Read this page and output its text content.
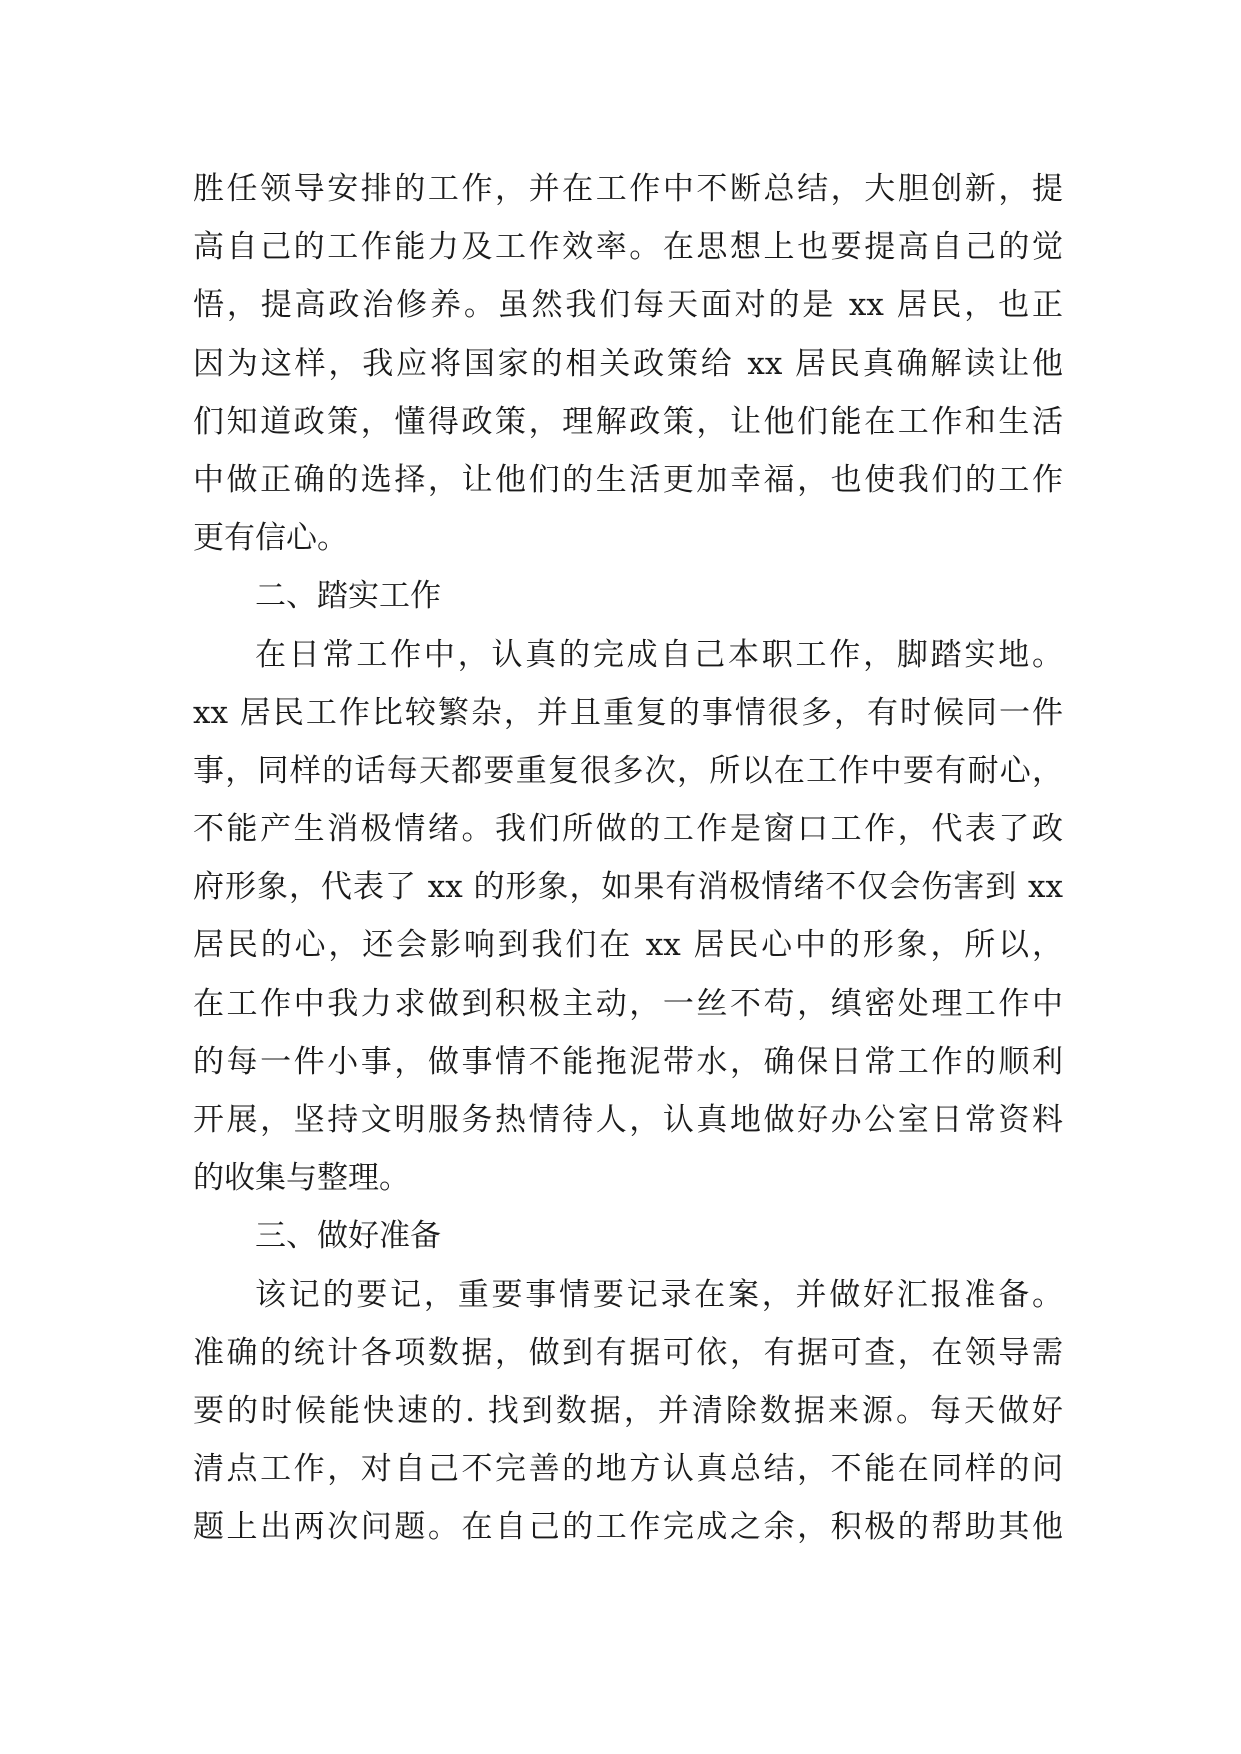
胜任领导安排的工作，并在工作中不断总结，大胆创新，提
高自己的工作能力及工作效率。在思想上也要提高自己的觉
悟，提高政治修养。虽然我们每天面对的是 xx 居民，也正
因为这样，我应将国家的相关政策给 xx 居民真确解读让他
们知道政策，懂得政策，理解政策，让他们能在工作和生活
中做正确的选择，让他们的生活更加幸福，也使我们的工作
更有信心。
二、踏实工作
在日常工作中，认真的完成自己本职工作，脚踏实地。
xx 居民工作比较繁杂，并且重复的事情很多，有时候同一件
事，同样的话每天都要重复很多次，所以在工作中要有耐心，
不能产生消极情绪。我们所做的工作是窗口工作，代表了政
府形象，代表了 xx 的形象，如果有消极情绪不仅会伤害到 xx
居民的心，还会影响到我们在 xx 居民心中的形象，所以，
在工作中我力求做到积极主动，一丝不苟，缜密处理工作中
的每一件小事，做事情不能拖泥带水，确保日常工作的顺利
开展，坚持文明服务热情待人，认真地做好办公室日常资料
的收集与整理。
三、做好准备
该记的要记，重要事情要记录在案，并做好汇报准备。
准确的统计各项数据，做到有据可依，有据可查，在领导需
要的时候能快速的. 找到数据，并清除数据来源。每天做好
清点工作，对自己不完善的地方认真总结，不能在同样的问
题上出两次问题。在自己的工作完成之余，积极的帮助其他
